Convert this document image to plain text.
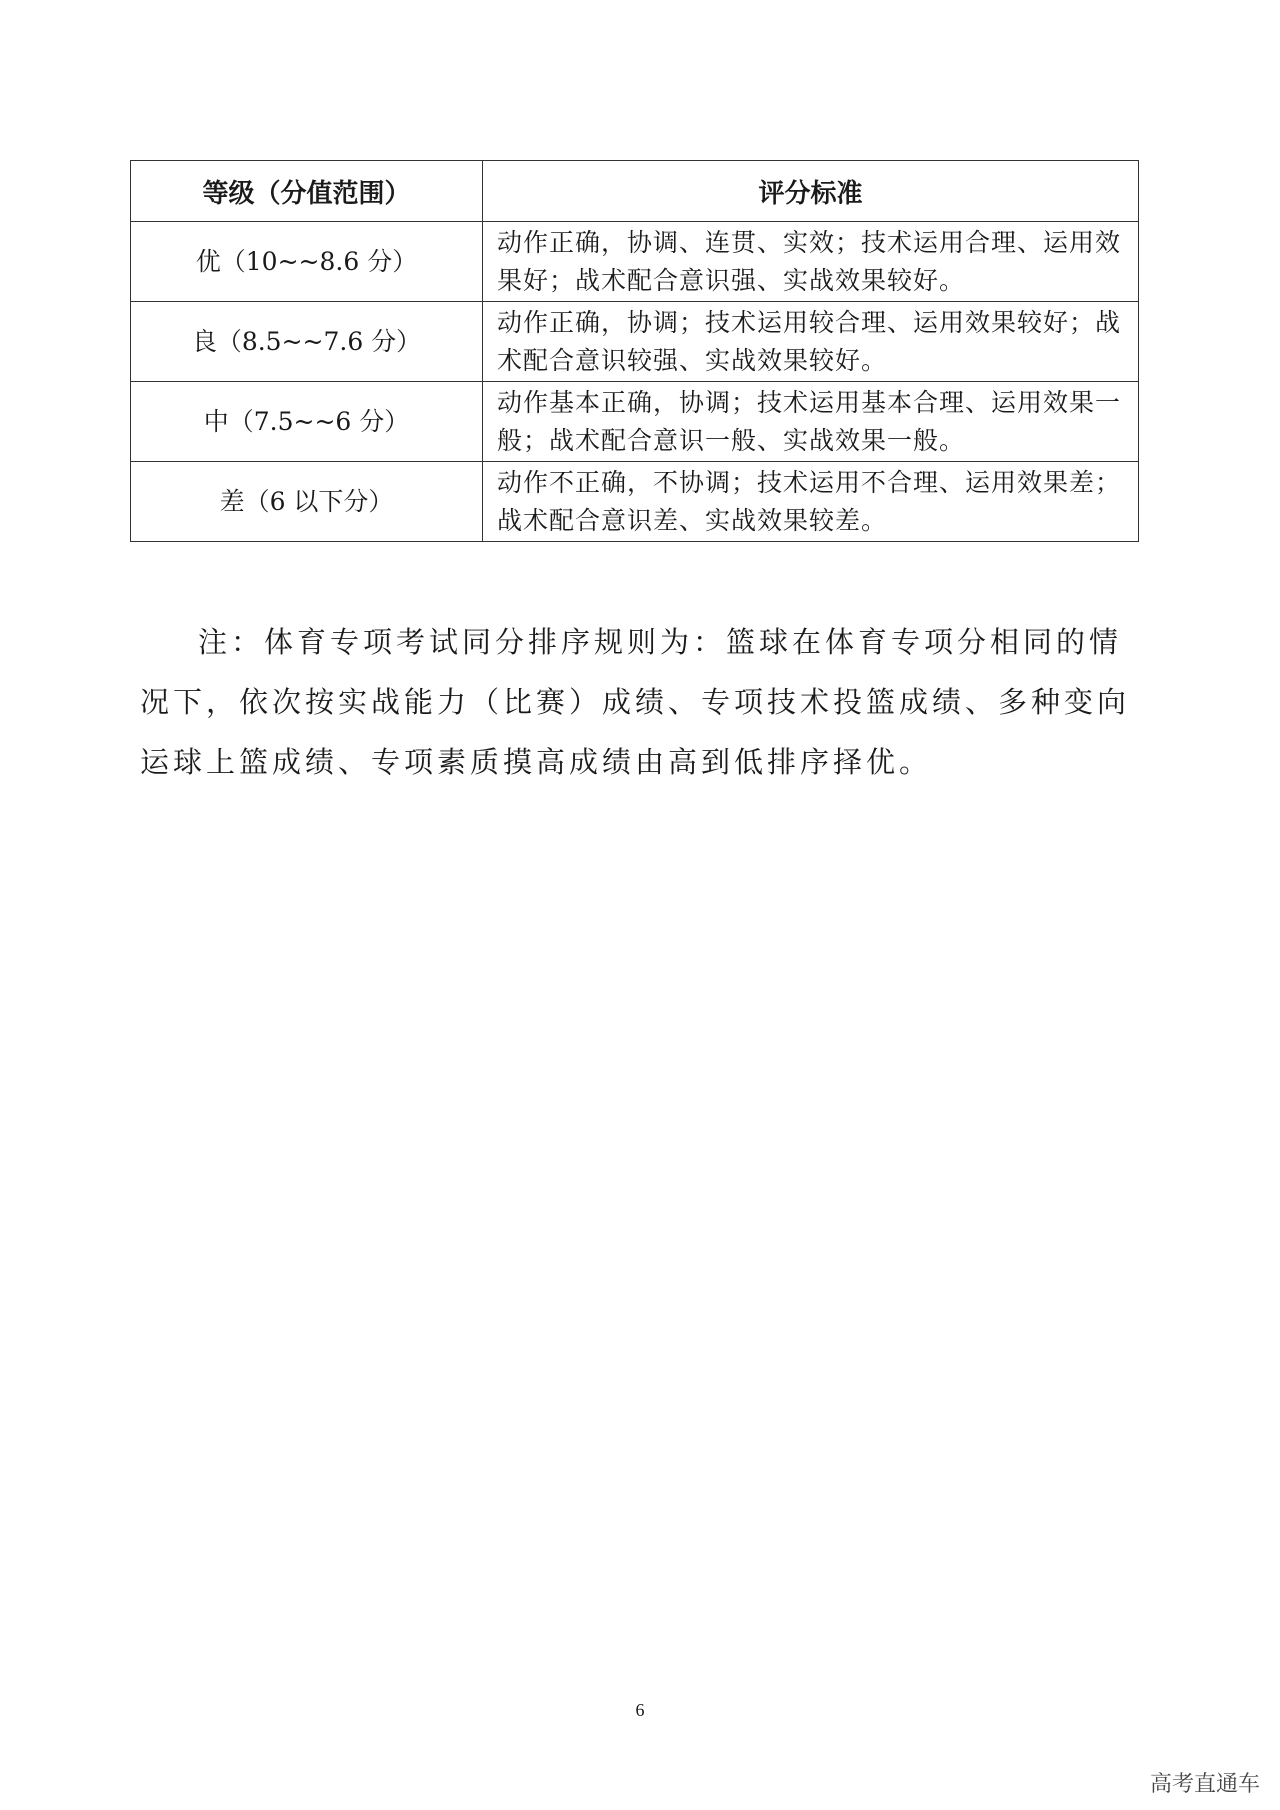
等级（分值范围）	评分标准
优（10~~8.6 分）	动作正确，协调、连贯、实效；技术运用合理、运用效果好；战术配合意识强、实战效果较好。
良（8.5~~7.6 分）	动作正确，协调；技术运用较合理、运用效果较好；战术配合意识较强、实战效果较好。
中（7.5~~6 分）	动作基本正确，协调；技术运用基本合理、运用效果一般；战术配合意识一般、实战效果一般。
差（6 以下分）	动作不正确，不协调；技术运用不合理、运用效果差；战术配合意识差、实战效果较差。

注：体育专项考试同分排序规则为：篮球在体育专项分相同的情况下，依次按实战能力（比赛）成绩、专项技术投篮成绩、多种变向运球上篮成绩、专项素质摸高成绩由高到低排序择优。

6
高考直通车
